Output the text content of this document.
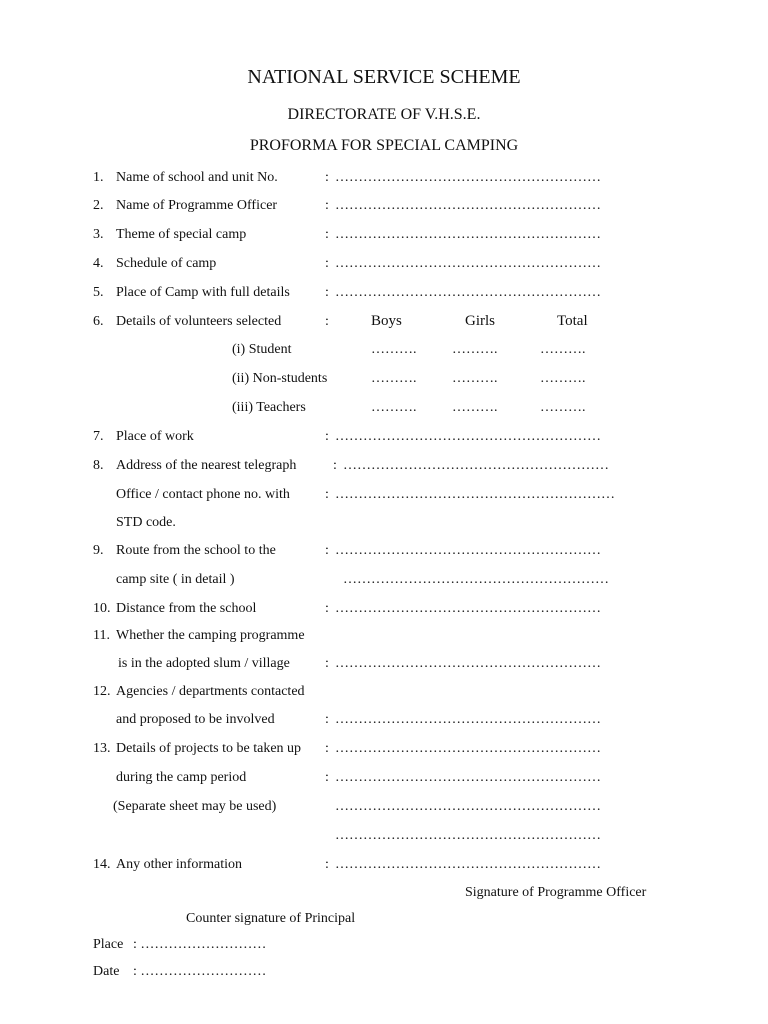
NATIONAL SERVICE SCHEME
DIRECTORATE OF V.H.S.E.
PROFORMA FOR SPECIAL CAMPING
1. Name of school and unit No.	: …………………………………………………
2. Name of Programme Officer	: …………………………………………………
3. Theme of special camp	: …………………………………………………
4. Schedule of camp	: …………………………………………………
5. Place of Camp with full details	: …………………………………………………
6. Details of volunteers selected	:	Boys	Girls	Total
(i) Student	……….	……….	……….
(ii) Non-students	……….	……….	……….
(iii) Teachers	……….	……….	……….
7. Place of work	: …………………………………………………
8. Address of the nearest telegraph	: …………………………………………………
Office / contact phone no. with	: ……………………………………………………
STD code.
9. Route from the school to the	: …………………………………………………
camp site ( in detail )	…………………………………………………
10. Distance from the school	: …………………………………………………
11. Whether the camping programme
is in the adopted slum / village	: …………………………………………………
12. Agencies / departments contacted
and proposed to be involved	: …………………………………………………
13. Details of projects to be taken up : …………………………………………………
during the camp period	: …………………………………………………
(Separate sheet may be used)	…………………………………………………
…………………………………………………
14. Any other information	: …………………………………………………
Signature of Programme Officer
Counter signature of Principal
Place : ………………………
Date : ………………………
